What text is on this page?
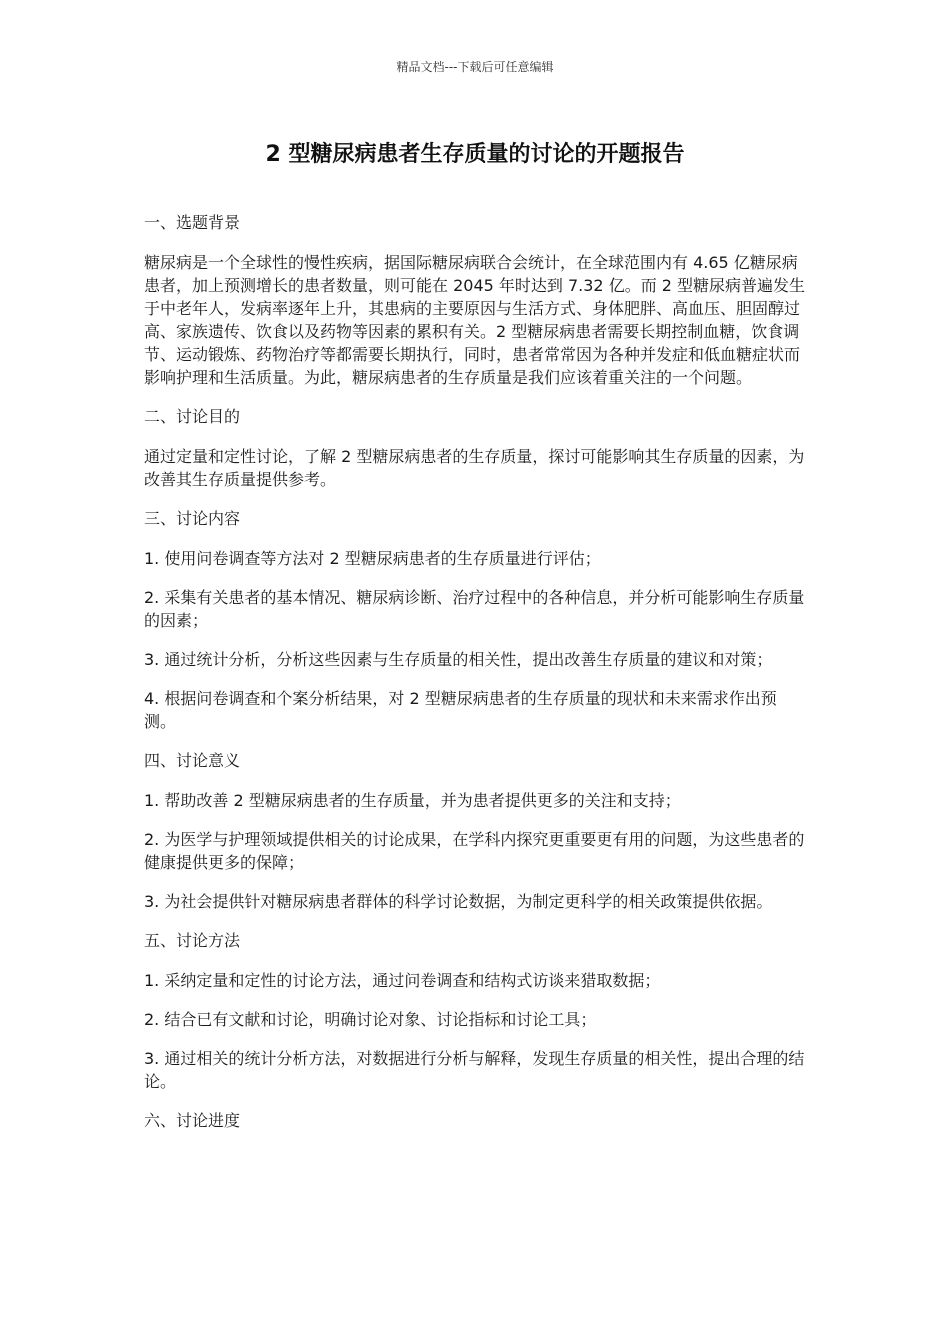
精品文档---下载后可任意编辑

2 型糖尿病患者生存质量的讨论的开题报告

一、选题背景

糖尿病是一个全球性的慢性疾病，据国际糖尿病联合会统计，在全球范围内有 4.65 亿糖尿病患者，加上预测增长的患者数量，则可能在 2045 年时达到 7.32 亿。而 2 型糖尿病普遍发生于中老年人，发病率逐年上升，其患病的主要原因与生活方式、身体肥胖、高血压、胆固醇过高、家族遗传、饮食以及药物等因素的累积有关。2 型糖尿病患者需要长期控制血糖，饮食调节、运动锻炼、药物治疗等都需要长期执行，同时，患者常常因为各种并发症和低血糖症状而影响护理和生活质量。为此，糖尿病患者的生存质量是我们应该着重关注的一个问题。

二、讨论目的

通过定量和定性讨论，了解 2 型糖尿病患者的生存质量，探讨可能影响其生存质量的因素，为改善其生存质量提供参考。

三、讨论内容

1. 使用问卷调查等方法对 2 型糖尿病患者的生存质量进行评估；

2. 采集有关患者的基本情况、糖尿病诊断、治疗过程中的各种信息，并分析可能影响生存质量的因素；

3. 通过统计分析，分析这些因素与生存质量的相关性，提出改善生存质量的建议和对策；

4. 根据问卷调查和个案分析结果，对 2 型糖尿病患者的生存质量的现状和未来需求作出预测。

四、讨论意义

1. 帮助改善 2 型糖尿病患者的生存质量，并为患者提供更多的关注和支持；

2. 为医学与护理领域提供相关的讨论成果，在学科内探究更重要更有用的问题，为这些患者的健康提供更多的保障；

3. 为社会提供针对糖尿病患者群体的科学讨论数据，为制定更科学的相关政策提供依据。

五、讨论方法

1. 采纳定量和定性的讨论方法，通过问卷调查和结构式访谈来猎取数据；

2. 结合已有文献和讨论，明确讨论对象、讨论指标和讨论工具；

3. 通过相关的统计分析方法，对数据进行分析与解释，发现生存质量的相关性，提出合理的结论。

六、讨论进度
